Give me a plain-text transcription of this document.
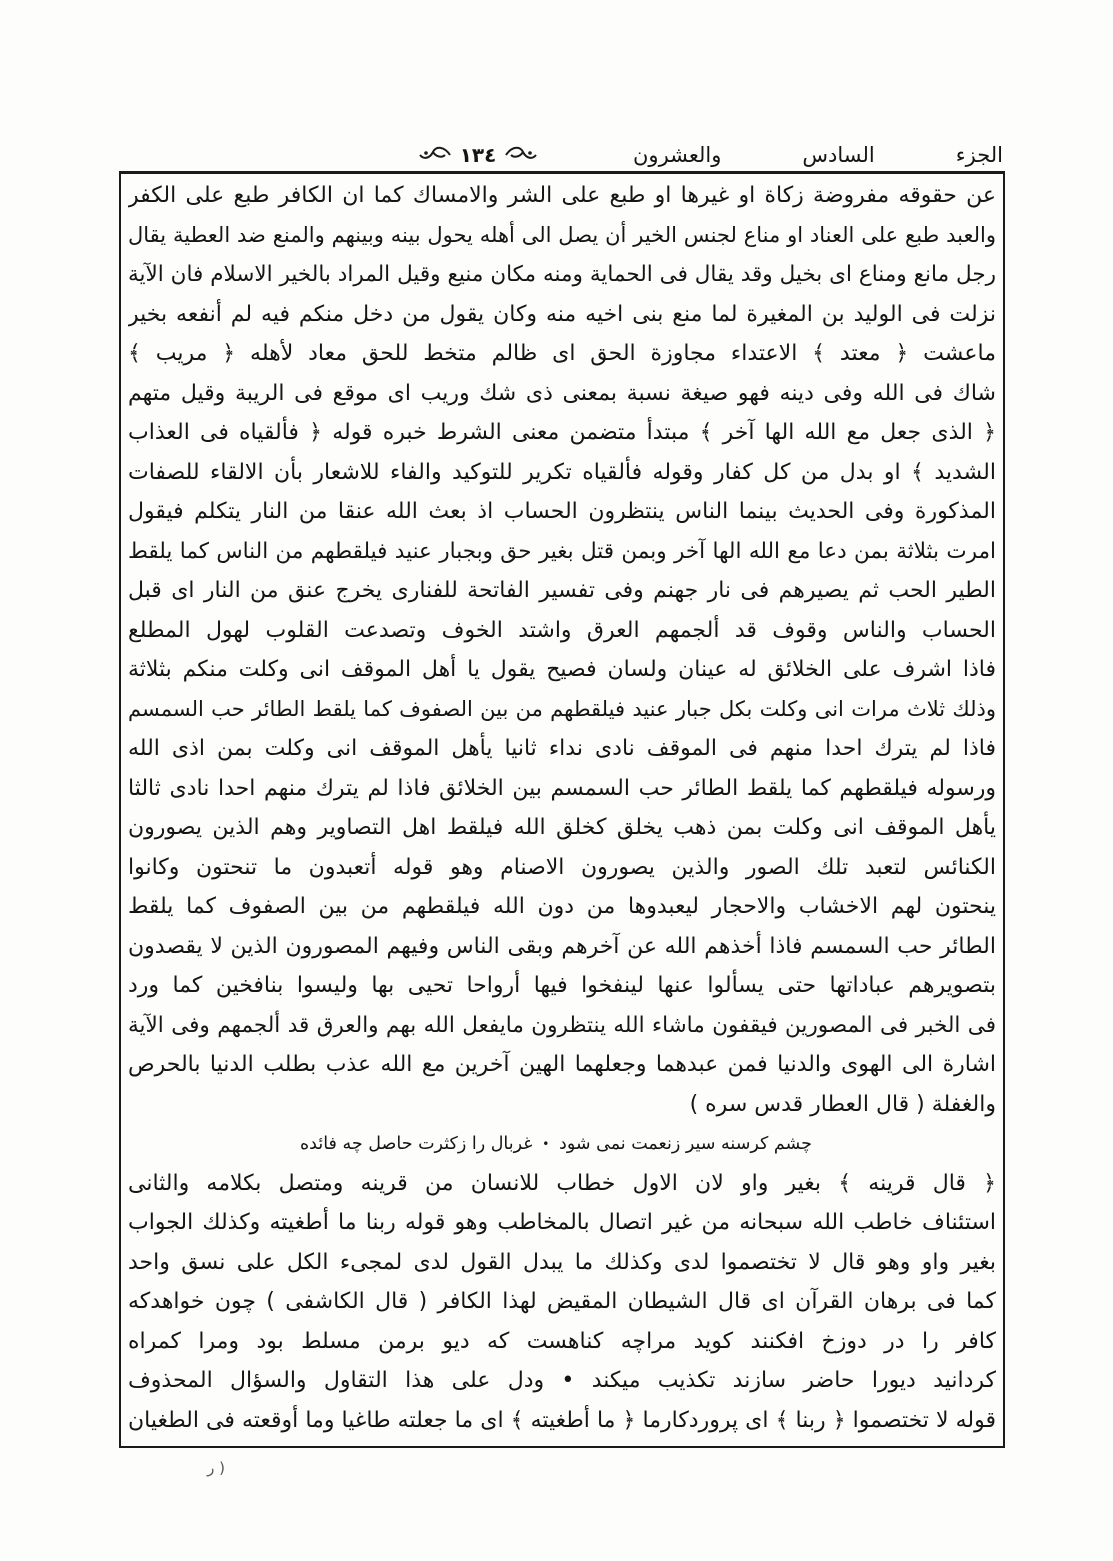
الجزء السادس والعشرون
١٣٤
عن حقوقه مفروضة زكاة او غيرها او طبع على الشر والامساك كما ان الكافر طبع على الكفر
والعبد طبع على العناد او مناع لجنس الخير أن يصل الى أهله يحول بينه وبينهم والمنع ضد العطية يقال
رجل مانع ومناع اى بخيل وقد يقال فى الحماية ومنه مكان منيع وقيل المراد بالخير الاسلام فان الآية
نزلت فى الوليد بن المغيرة لما منع بنى اخيه منه وكان يقول من دخل منكم فيه لم أنفعه بخير
ماعشت ﴿ معتد ﴾ الاعتداء مجاوزة الحق اى ظالم متخط للحق معاد لأهله ﴿ مريب ﴾
شاك فى الله وفى دينه فهو صيغة نسبة بمعنى ذى شك وريب اى موقع فى الريبة وقيل متهم
﴿ الذى جعل مع الله الها آخر ﴾ مبتدأ متضمن معنى الشرط خبره قوله ﴿ فألقياه فى العذاب
الشديد ﴾ او بدل من كل كفار وقوله فألقياه تكرير للتوكيد والفاء للاشعار بأن الالقاء للصفات
المذكورة وفى الحديث بينما الناس ينتظرون الحساب اذ بعث الله عنقا من النار يتكلم فيقول
امرت بثلاثة بمن دعا مع الله الها آخر وبمن قتل بغير حق وبجبار عنيد فيلقطهم من الناس كما يلقط
الطير الحب ثم يصيرهم فى نار جهنم وفى تفسير الفاتحة للفنارى يخرج عنق من النار اى قبل
الحساب والناس وقوف قد ألجمهم العرق واشتد الخوف وتصدعت القلوب لهول المطلع
فاذا اشرف على الخلائق له عينان ولسان فصيح يقول يا أهل الموقف انى وكلت منكم بثلاثة
وذلك ثلاث مرات انى وكلت بكل جبار عنيد فيلقطهم من بين الصفوف كما يلقط الطائر حب السمسم
فاذا لم يترك احدا منهم فى الموقف نادى نداء ثانيا يأهل الموقف انى وكلت بمن اذى الله
ورسوله فيلقطهم كما يلقط الطائر حب السمسم بين الخلائق فاذا لم يترك منهم احدا نادى ثالثا
يأهل الموقف انى وكلت بمن ذهب يخلق كخلق الله فيلقط اهل التصاوير وهم الذين يصورون
الكنائس لتعبد تلك الصور والذين يصورون الاصنام وهو قوله أتعبدون ما تنحتون وكانوا
ينحتون لهم الاخشاب والاحجار ليعبدوها من دون الله فيلقطهم من بين الصفوف كما يلقط
الطائر حب السمسم فاذا أخذهم الله عن آخرهم وبقى الناس وفيهم المصورون الذين لا يقصدون
بتصويرهم عباداتها حتى يسألوا عنها لينفخوا فيها أرواحا تحيى بها وليسوا بنافخين كما ورد
فى الخبر فى المصورين فيقفون ماشاء الله ينتظرون مايفعل الله بهم والعرق قد ألجمهم وفى الآية
اشارة الى الهوى والدنيا فمن عبدهما وجعلهما الهين آخرين مع الله عذب بطلب الدنيا بالحرص
والغفلة ( قال العطار قدس سره )
﴿ قال قرينه ﴾ بغير واو لان الاول خطاب للانسان من قرينه ومتصل بكلامه والثانى
استئناف خاطب الله سبحانه من غير اتصال بالمخاطب وهو قوله ربنا ما أطغيته وكذلك الجواب
بغير واو وهو قال لا تختصموا لدى وكذلك ما يبدل القول لدى لمجىء الكل على نسق واحد
كما فى برهان القرآن اى قال الشيطان المقيض لهذا الكافر ( قال الكاشفى ) چون خواهدكه
كافر را در دوزخ افكنند كويد مراچه كناهست كه ديو برمن مسلط بود ومرا كمراه
كردانيد ديورا حاضر سازند تكذيب ميكند • ودل على هذا التقاول والسؤال المحذوف
قوله لا تختصموا ﴿ ربنا ﴾ اى پروردكارما ﴿ ما أطغيته ﴾ اى ما جعلته طاغيا وما أوقعته فى الطغيان
چشم كرسنه سير زنعمت نمى شود
•
غربال را زكثرت حاصل چه فائده
( ر
